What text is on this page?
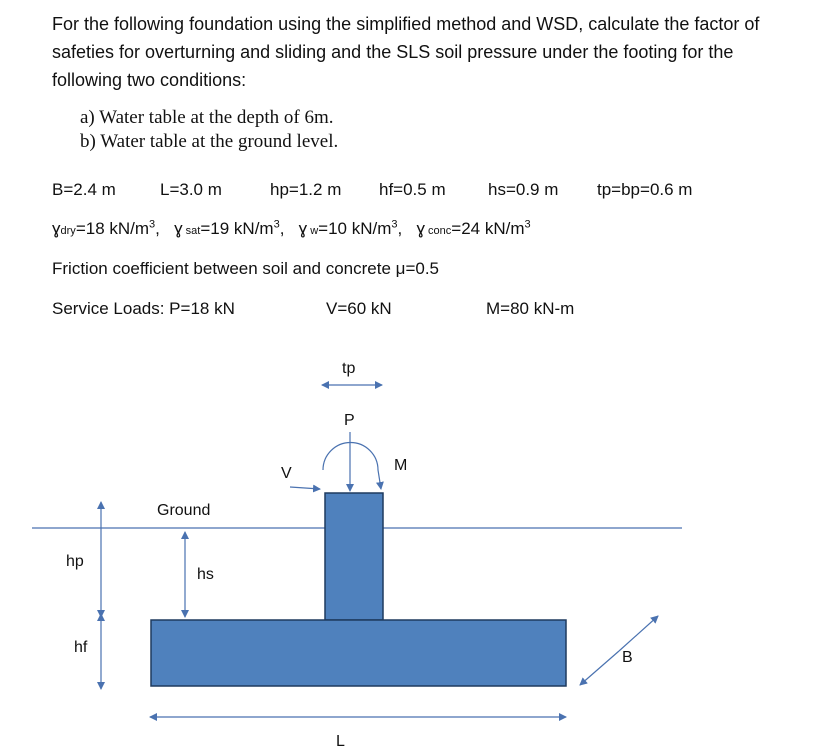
For the following foundation using the simplified method and WSD, calculate the factor of safeties for overturning and sliding and the SLS soil pressure under the footing for the following two conditions:

a) Water table at the depth of 6m.
b) Water table at the ground level.
B=2.4 m	L=3.0 m	hp=1.2 m hf=0.5 m hs=0.9 m tp=bp=0.6 m
ɣdry=18 $kN/m^3$, ɣ sat=19 $kN/m^3$, ɣ w=10 $kN/m^3$, ɣ conc=24 $kN/m^3$
Friction coefficient between soil and concrete μ=0.5
Service Loads: P=18 kN	V=60 kN	M=80 kN-m
tp
P
M
V
Ground
hs
hp
hf
B
L
